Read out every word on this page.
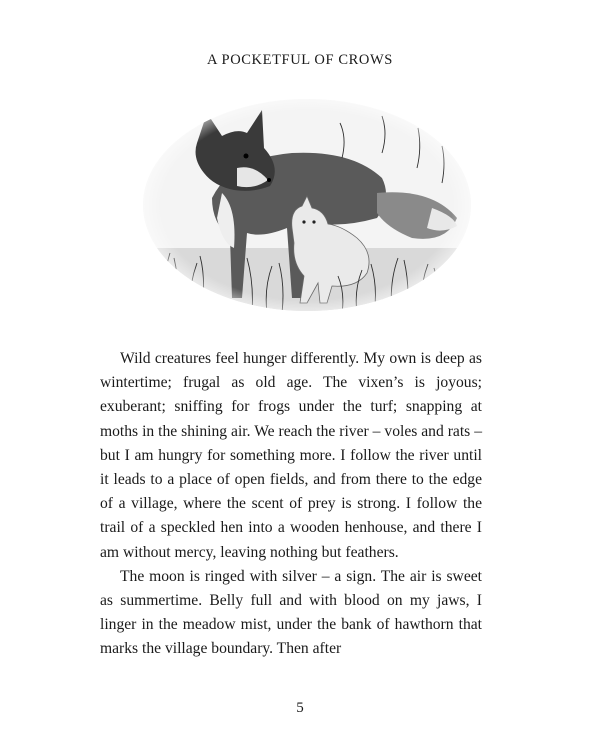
A POCKETFUL OF CROWS

Wild creatures feel hunger differently. My own is deep as wintertime; frugal as old age. The vixen’s is joyous; exuberant; sniffing for frogs under the turf; snapping at moths in the shining air. We reach the river – voles and rats – but I am hungry for something more. I follow the river until it leads to a place of open fields, and from there to the edge of a village, where the scent of prey is strong. I follow the trail of a speckled hen into a wooden henhouse, and there I am without mercy, leaving nothing but feathers.

The moon is ringed with silver – a sign. The air is sweet as summertime. Belly full and with blood on my jaws, I linger in the meadow mist, under the bank of hawthorn that marks the village boundary. Then after

5
